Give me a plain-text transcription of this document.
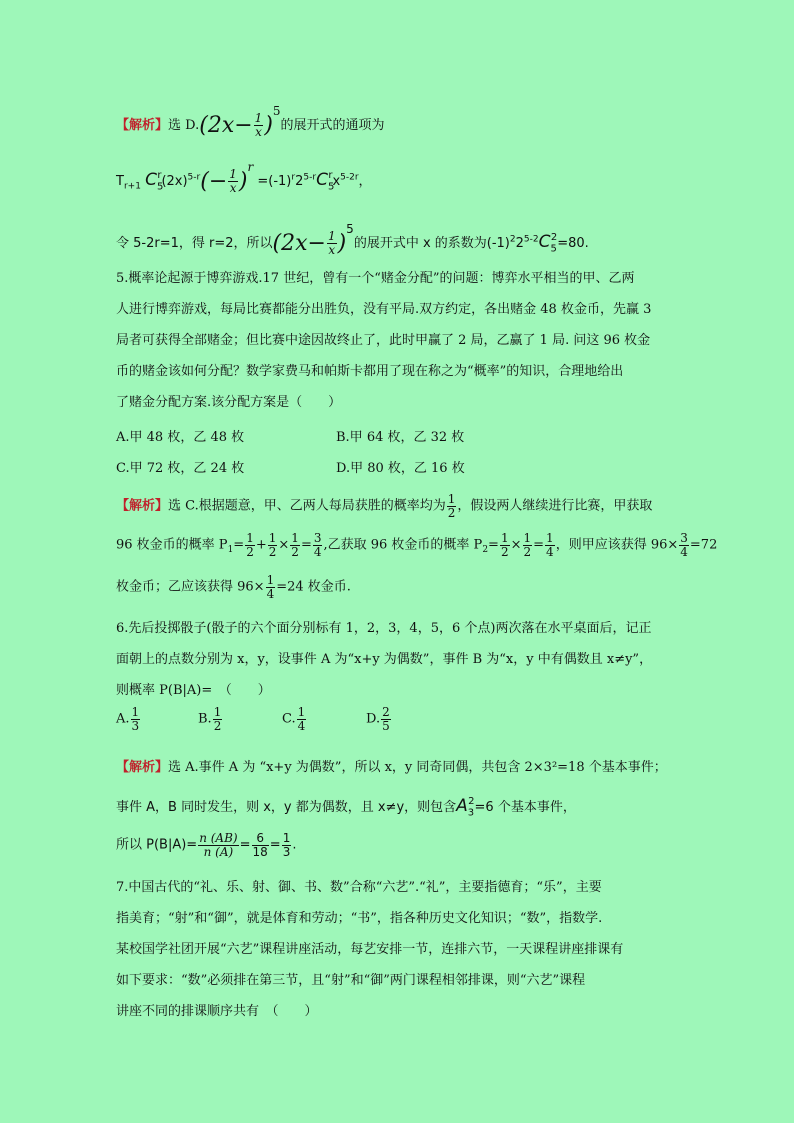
【解析】选 $D.(2x- \frac{1}{x} )^5$的展开式的通项为
$T_{r+1}$ $C_5^r(2x)^{5-r}(- \frac{1}{x} )^r =(-1)^r2^{5-r}C_5^rx^{5-2r}$，
令 5-2r=1，得 r=2，所以$(2x- \frac{1}{x} )^5$的展开式中 x 的系数为$(-1)^22^{5-2}C_5^2=80$.
5.概率论起源于博弈游戏.17 世纪，曾有一个“赌金分配”的问题：博弈水平相当的甲、乙两
人进行博弈游戏，每局比赛都能分出胜负，没有平局.双方约定，各出赌金 48 枚金币，先赢 3
局者可获得全部赌金；但比赛中途因故终止了，此时甲赢了 2 局，乙赢了 1 局. 问这 96 枚金
币的赌金该如何分配？数学家费马和帕斯卡都用了现在称之为“概率”的知识，合理地给出
了赌金分配方案.该分配方案是（　　）
A.甲 48 枚，乙 48 枚	B.甲 64 枚，乙 32 枚
C.甲 72 枚，乙 24 枚	D.甲 80 枚，乙 16 枚
【解析】选 C.根据题意，甲、乙两人每局获胜的概率均为 $\frac{1}{2}$ ，假设两人继续进行比赛，甲获取
96 枚金币的概率 $P_1= \frac{1}{2} + \frac{1}{2} \times \frac{1}{2} = \frac{3}{4}$ ,乙获取 96 枚金币的概率 $P_2= \frac{1}{2} \times \frac{1}{2} = \frac{1}{4}$ ，则甲应该获得 $96\times \frac{3}{4} =72$
枚金币；乙应该获得 $96\times \frac{1}{4} =24$ 枚金币.
6.先后投掷骰子(骰子的六个面分别标有 1，2，3，4，5，6 个点)两次落在水平桌面后，记正
面朝上的点数分别为 x，y，设事件 A 为“x+y 为偶数”，事件 B 为“x，y 中有偶数且 x≠y”，
则概率 P(B|A)=　（　　）
A. $\frac{1}{3}$	B. $\frac{1}{2}$	C. $\frac{1}{4}$	D. $\frac{2}{5}$
【解析】选 A.事件 A 为 “x+y 为偶数”，所以 x，y 同奇同偶，共包含 2×3²=18 个基本事件；
事件 A，B 同时发生，则 x，y 都为偶数，且 x≠y，则包含$A_3^2=6$ 个基本事件，
所以 $P(B|A)= \frac{n (AB)}{n (A)} = \frac{6}{18} = \frac{1}{3}$ .
7.中国古代的“礼、乐、射、御、书、数”合称“六艺”.“礼”，主要指德育；“乐”，主要
指美育；“射”和“御”，就是体育和劳动；“书”，指各种历史文化知识；“数”，指数学.
某校国学社团开展“六艺”课程讲座活动，每艺安排一节，连排六节，一天课程讲座排课有
如下要求：“数”必须排在第三节，且“射”和“御”两门课程相邻排课，则“六艺”课程
讲座不同的排课顺序共有　（　　）
